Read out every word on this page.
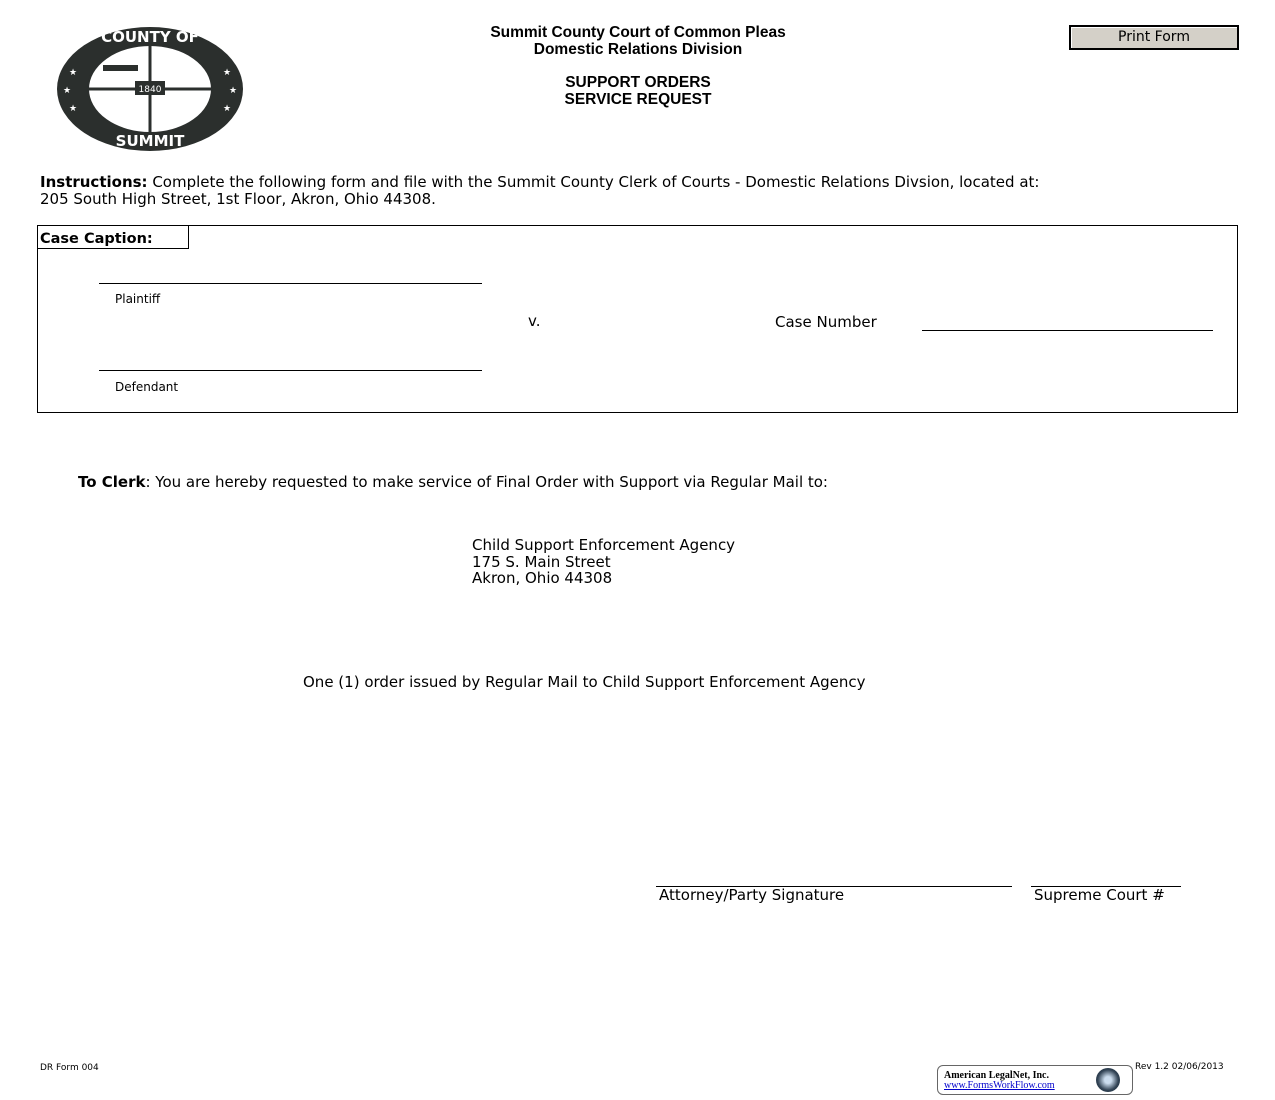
1840
COUNTY OF
SUMMIT
★
★
★
★
★
★
Summit County Court of Common Pleas
Domestic Relations Division
SUPPORT ORDERS
SERVICE REQUEST
Print Form
Instructions: Complete the following form and file with the Summit County Clerk of Courts - Domestic Relations Divsion, located at:
205 South High Street, 1st Floor, Akron, Ohio 44308.
Case Caption:
Plaintiff
v.
Defendant
Case Number
To Clerk: You are hereby requested to make service of Final Order with Support via Regular Mail to:
Child Support Enforcement Agency
175 S. Main Street
Akron, Ohio 44308
One (1) order issued by Regular Mail to Child Support Enforcement Agency
Attorney/Party Signature	Supreme Court #
DR Form 004
American LegalNet, Inc.
www.FormsWorkFlow.com
Rev 1.2 02/06/2013
